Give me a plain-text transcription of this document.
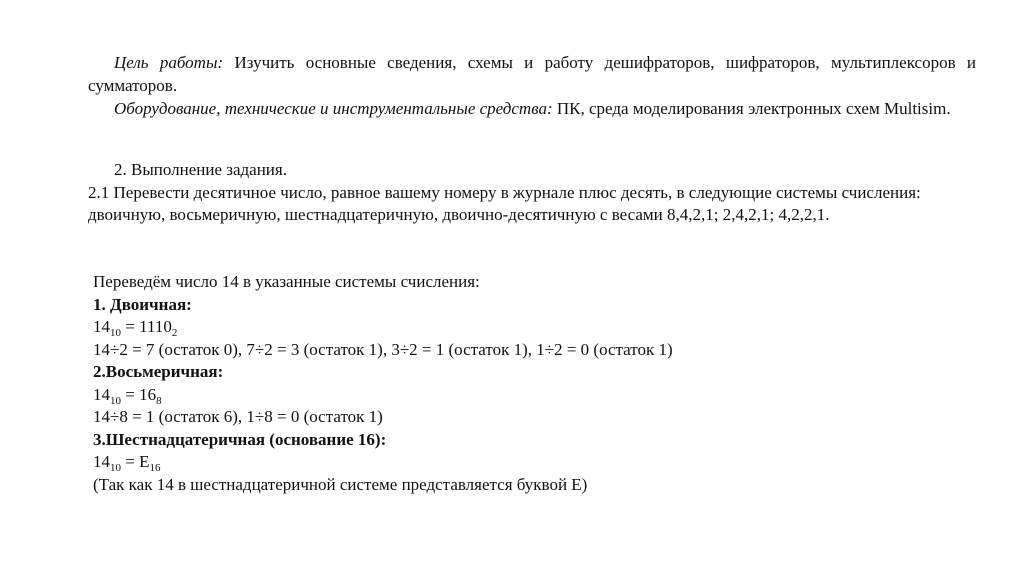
Цель работы: Изучить основные сведения, схемы и работу дешифраторов, шифраторов, мультиплексоров и сумматоров.
Оборудование, технические и инструментальные средства: ПК, среда моделирования электронных схем Multisim.
2. Выполнение задания.
2.1 Перевести десятичное число, равное вашему номеру в журнале плюс десять, в следующие системы счисления: двоичную, восьмеричную, шестнадцатеричную, двоично-десятичную с весами 8,4,2,1; 2,4,2,1; 4,2,2,1.
Переведём число 14 в указанные системы счисления:
1. Двоичная:
$14_{10} = 1110_2$
14÷2 = 7 (остаток 0), 7÷2 = 3 (остаток 1), 3÷2 = 1 (остаток 1), 1÷2 = 0 (остаток 1)
2.Восьмеричная:
$14_{10} = 16_8$
14÷8 = 1 (остаток 6), 1÷8 = 0 (остаток 1)
3.Шестнадцатеричная (основание 16):
$14_{10} = E_{16}$
(Так как 14 в шестнадцатеричной системе представляется буквой E)
